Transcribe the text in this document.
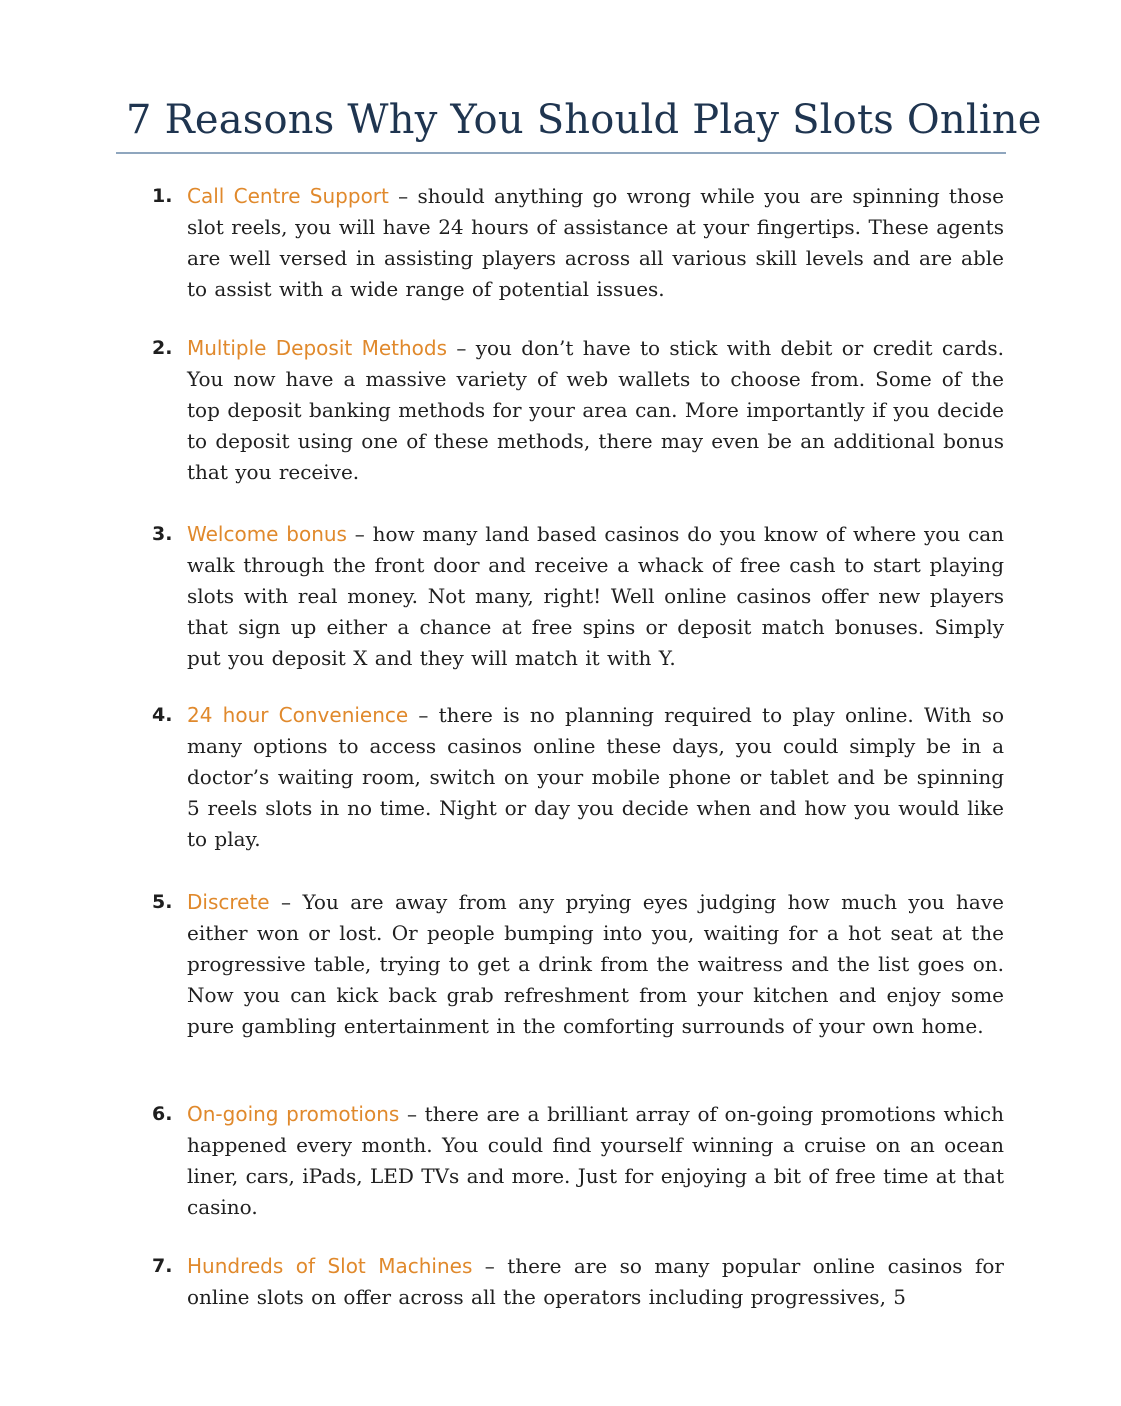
7 Reasons Why You Should Play Slots Online
1. Call Centre Support – should anything go wrong while you are spinning those slot reels, you will have 24 hours of assistance at your fingertips. These agents are well versed in assisting players across all various skill levels and are able to assist with a wide range of potential issues.
2. Multiple Deposit Methods – you don’t have to stick with debit or credit cards. You now have a massive variety of web wallets to choose from. Some of the top deposit banking methods for your area can. More importantly if you decide to deposit using one of these methods, there may even be an additional bonus that you receive.
3. Welcome bonus – how many land based casinos do you know of where you can walk through the front door and receive a whack of free cash to start playing slots with real money. Not many, right! Well online casinos offer new players that sign up either a chance at free spins or deposit match bonuses. Simply put you deposit X and they will match it with Y.
4. 24 hour Convenience – there is no planning required to play online. With so many options to access casinos online these days, you could simply be in a doctor’s waiting room, switch on your mobile phone or tablet and be spinning 5 reels slots in no time. Night or day you decide when and how you would like to play.
5. Discrete – You are away from any prying eyes judging how much you have either won or lost. Or people bumping into you, waiting for a hot seat at the progressive table, trying to get a drink from the waitress and the list goes on. Now you can kick back grab refreshment from your kitchen and enjoy some pure gambling entertainment in the comforting surrounds of your own home.
6. On-going promotions – there are a brilliant array of on-going promotions which happened every month. You could find yourself winning a cruise on an ocean liner, cars, iPads, LED TVs and more. Just for enjoying a bit of free time at that casino.
7. Hundreds of Slot Machines – there are so many popular online casinos for online slots on offer across all the operators including progressives, 5
